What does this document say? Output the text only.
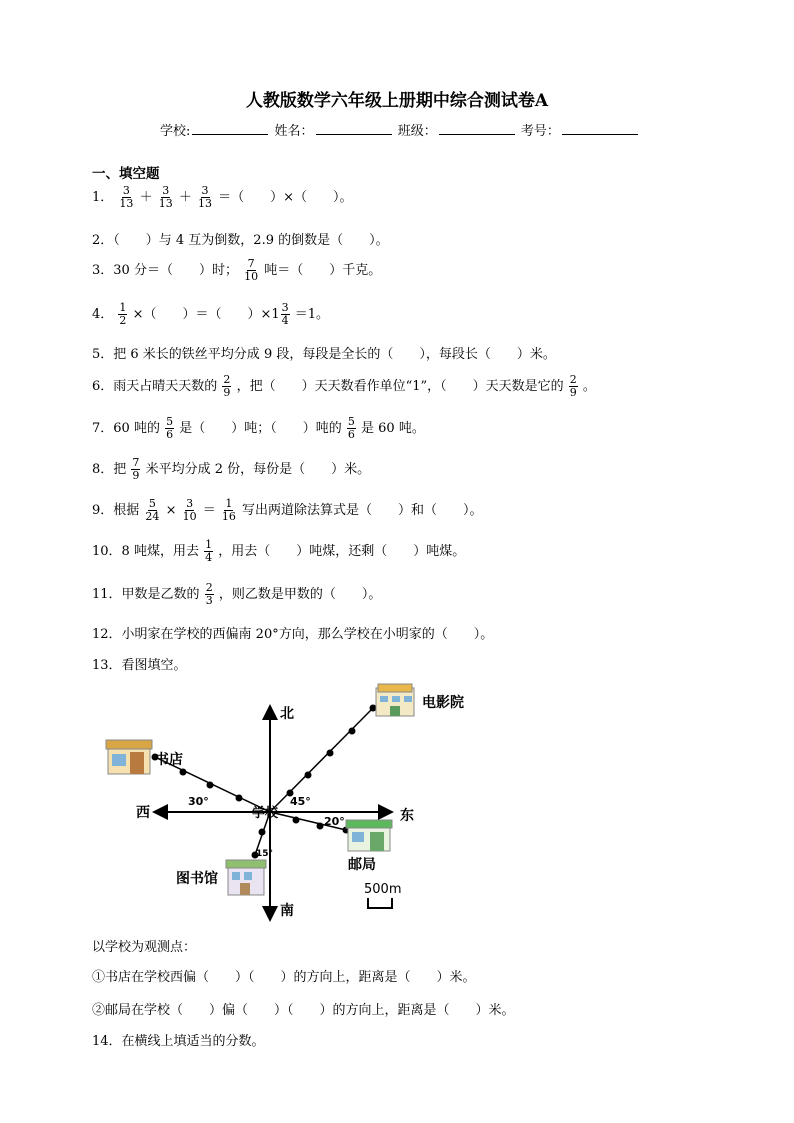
人教版数学六年级上册期中综合测试卷A
学校:	姓名：	班级：	考号：
一、填空题
1． $\frac{3}{13} + \frac{3}{13} + \frac{3}{13}$ ＝（　　）×（　　）。
2．（　　）与 4 互为倒数，2.9 的倒数是（　　）。
3．30 分＝（　　）时； $\frac{7}{10}$ 吨＝（　　）千克。
4． $\frac{1}{2}$ ×（　　）＝（　　）$\times 1 \frac{3}{4} =1$。
5．把 6 米长的铁丝平均分成 9 段，每段是全长的（　　），每段长（　　）米。
6．雨天占晴天天数的 $\frac{2}{9}$ ，把（　　）天天数看作单位“1”，（　　）天天数是它的 $\frac{2}{9}$ 。
7．60 吨的 $\frac{5}{6}$ 是（　　）吨；（　　）吨的 $\frac{5}{6}$ 是 60 吨。
8．把 $\frac{7}{9}$ 米平均分成 2 份，每份是（　　）米。
9．根据 $\frac{5}{24} \times \frac{3}{10} = \frac{1}{16}$ 写出两道除法算式是（　　）和（　　）。
10．8 吨煤，用去 $\frac{1}{4}$ ，用去（　　）吨煤，还剩（　　）吨煤。
11．甲数是乙数的 $\frac{2}{3}$ ，则乙数是甲数的（　　）。
12．小明家在学校的西偏南 20°方向，那么学校在小明家的（　　）。
13．看图填空。
北
南
东
西	学校
电影院
书店
邮局
图书馆
30°	45°
20°
15°
500m
以学校为观测点：
①书店在学校西偏（　　）（　　）的方向上，距离是（　　）米。
②邮局在学校（　　）偏（　　）（　　）的方向上，距离是（　　）米。
14．在横线上填适当的分数。
